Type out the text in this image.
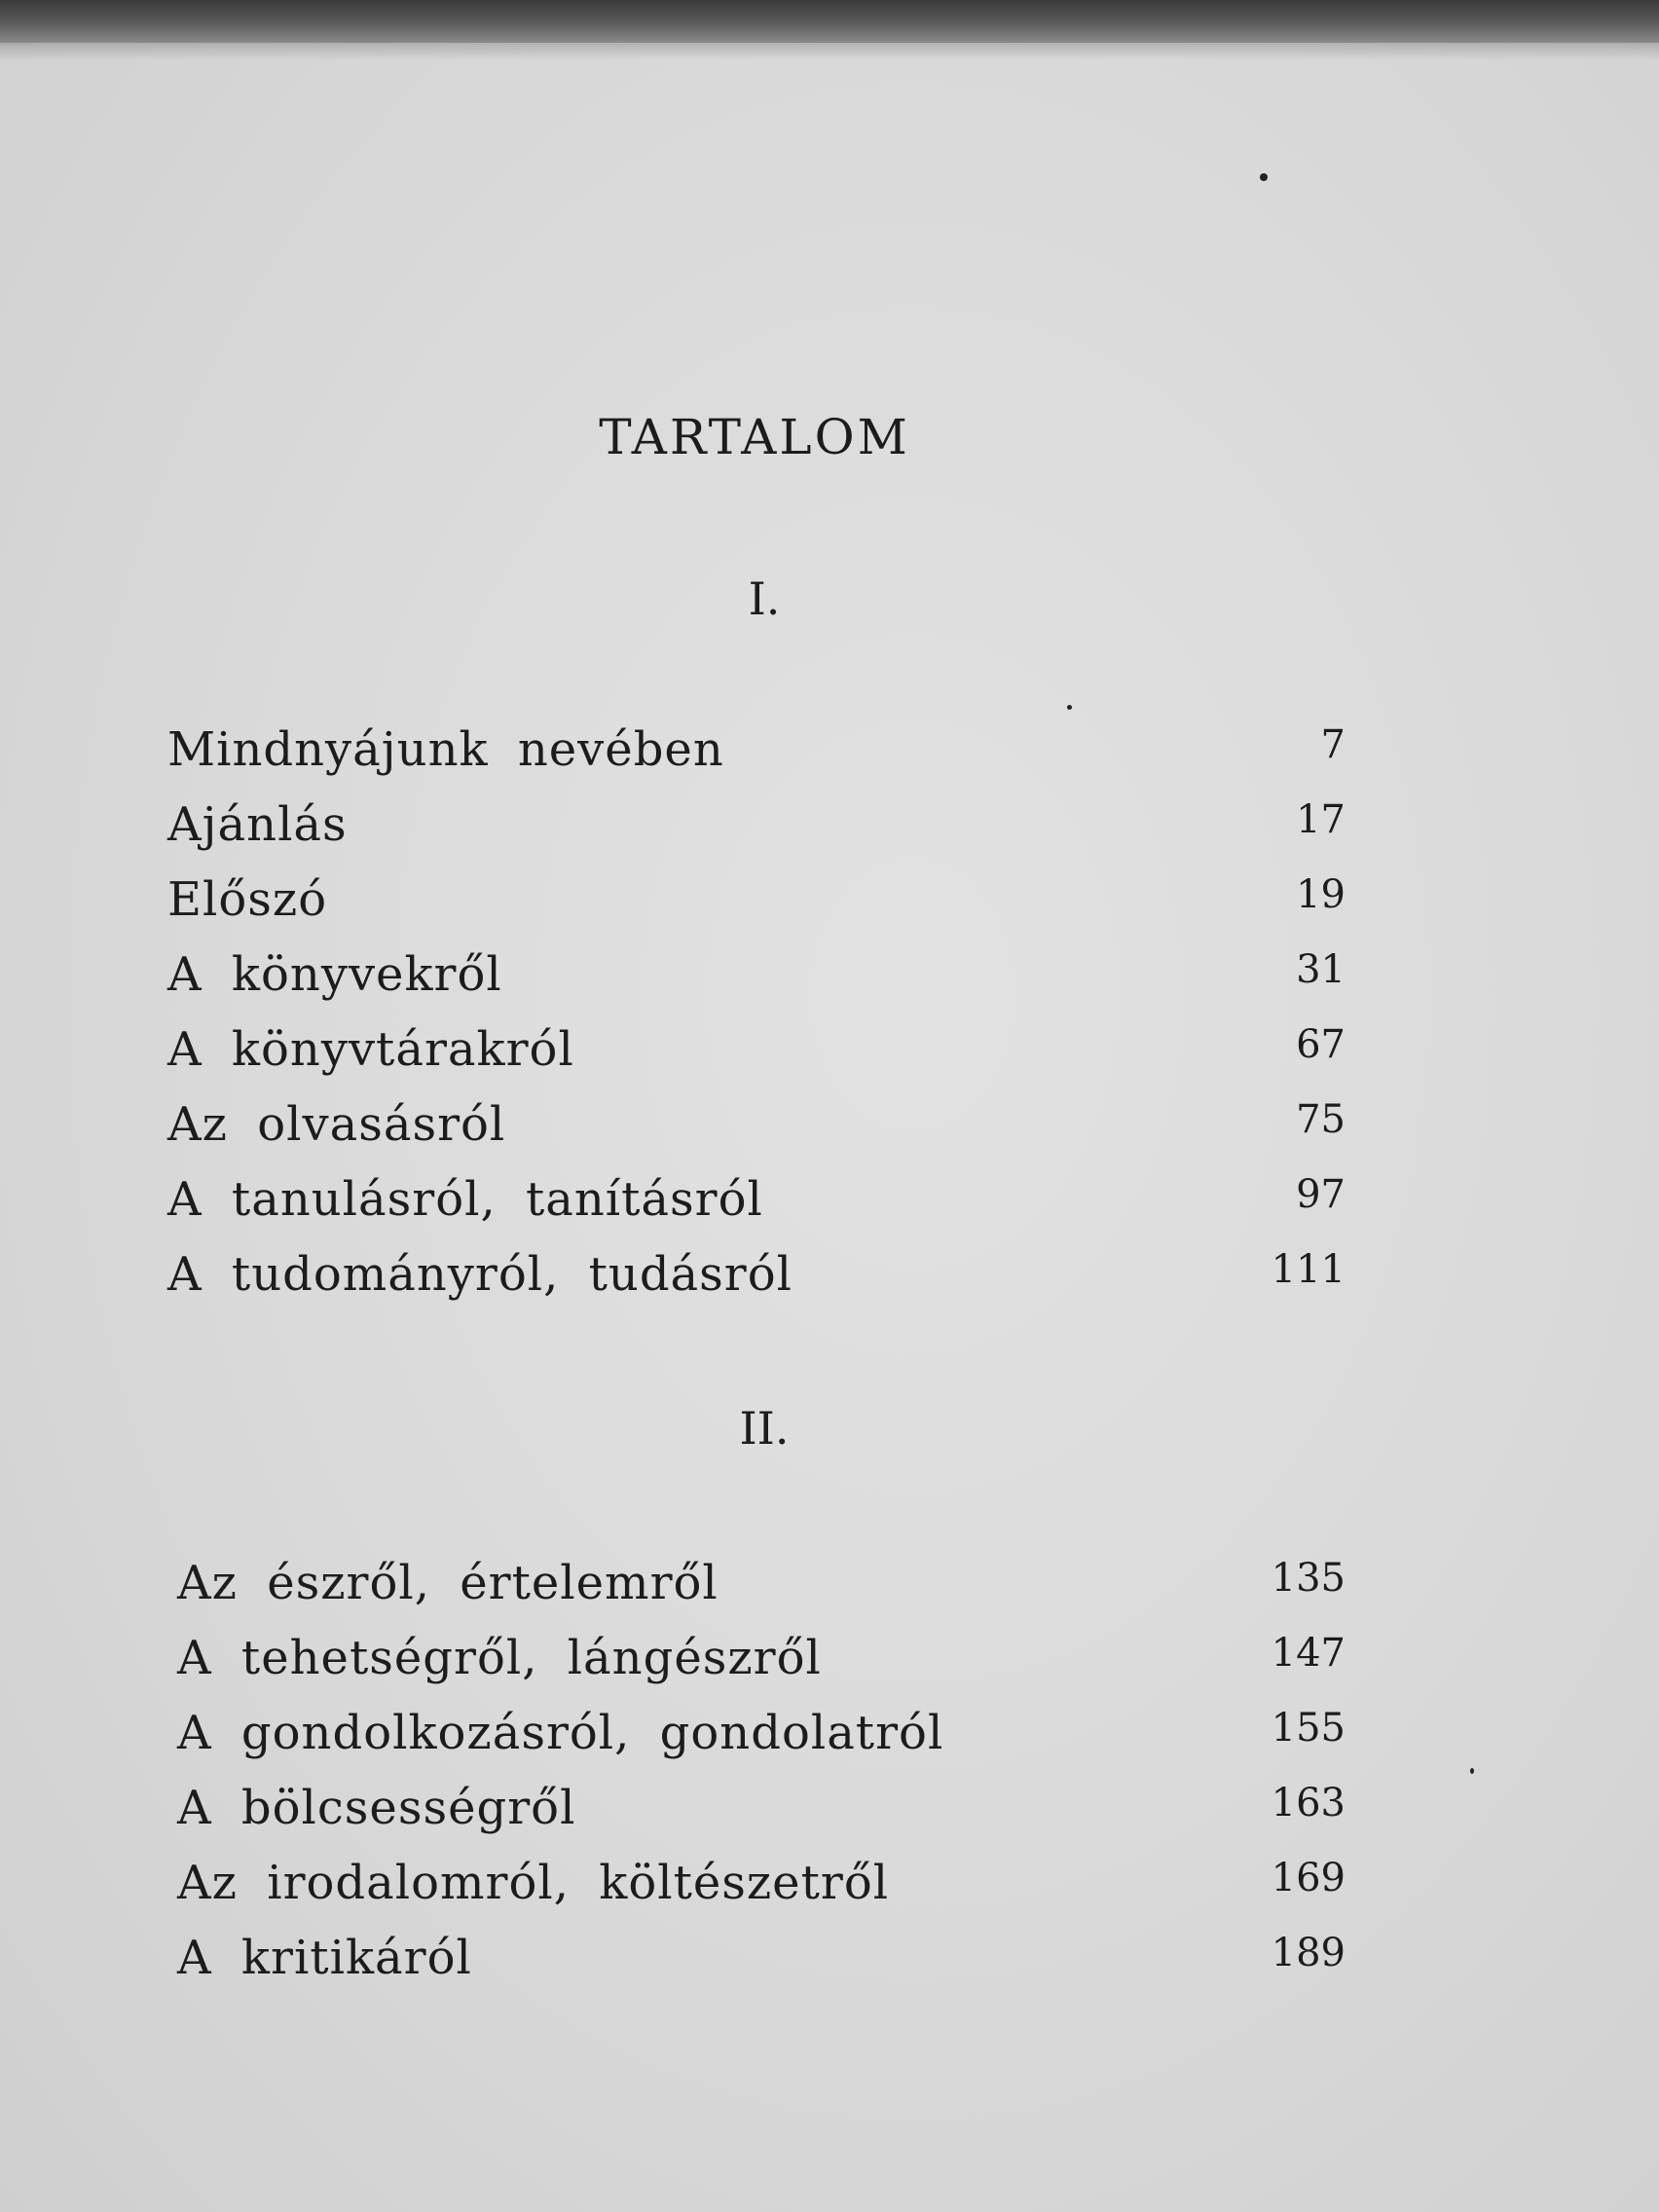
TARTALOM
I.
Mindnyájunk nevében	7
Ajánlás	17
Előszó	19
A könyvekről	31
A könyvtárakról	67
Az olvasásról	75
A tanulásról, tanításról	97
A tudományról, tudásról	111
II.
Az észről, értelemről	135
A tehetségről, lángészről	147
A gondolkozásról, gondolatról	155
A bölcsességről	163
Az irodalomról, költészetről	169
A kritikáról	189
